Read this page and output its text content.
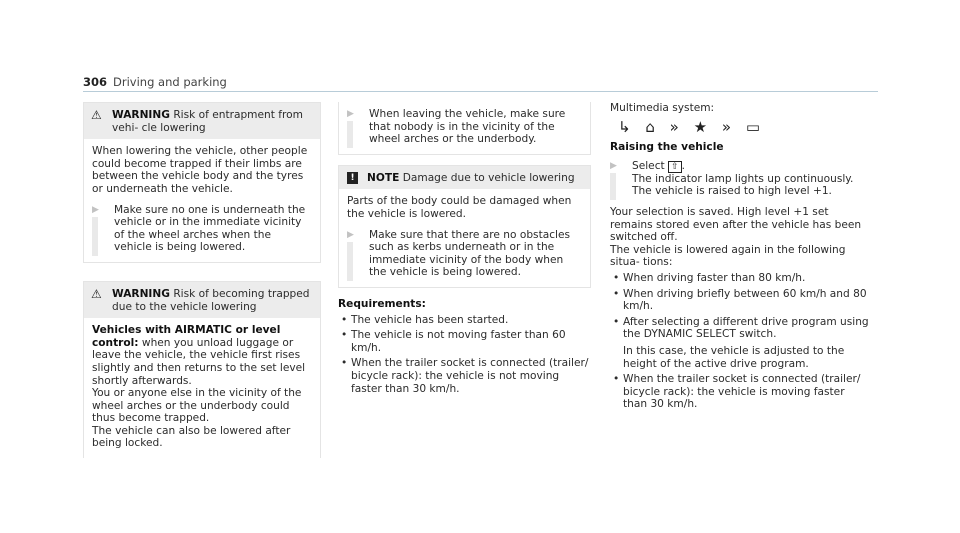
306 Driving and parking
⚠ WARNING Risk of entrapment from vehi- cle lowering

When lowering the vehicle, other people could become trapped if their limbs are between the vehicle body and the tyres or underneath the vehicle.

▶ Make sure no one is underneath the vehicle or in the immediate vicinity of the wheel arches when the vehicle is being lowered.

⚠ WARNING Risk of becoming trapped due to the vehicle lowering

Vehicles with AIRMATIC or level control: when you unload luggage or leave the vehicle, the vehicle first rises slightly and then returns to the set level shortly afterwards.

You or anyone else in the vicinity of the wheel arches or the underbody could thus become trapped.

The vehicle can also be lowered after being locked.

▶ When leaving the vehicle, make sure that nobody is in the vicinity of the wheel arches or the underbody.

!	NOTE Damage due to vehicle lowering

Parts of the body could be damaged when the vehicle is lowered.

▶ Make sure that there are no obstacles such as kerbs underneath or in the immediate vicinity of the body when the vehicle is being lowered.

Requirements:

• The vehicle has been started.
• The vehicle is not moving faster than 60 km/h.
• When the trailer socket is connected (trailer/ bicycle rack): the vehicle is not moving faster than 30 km/h.

Multimedia system:

↳ ⌂ » ★ » ▭

Raising the vehicle

▶ Select ⇧ .

The indicator lamp lights up continuously.

The vehicle is raised to high level +1.

Your selection is saved. High level +1 set remains stored even after the vehicle has been switched off.

The vehicle is lowered again in the following situa- tions:

• When driving faster than 80 km/h.
• When driving briefly between 60 km/h and 80 km/h.
• After selecting a different drive program using the DYNAMIC SELECT switch.
In this case, the vehicle is adjusted to the height of the active drive program.
• When the trailer socket is connected (trailer/ bicycle rack): the vehicle is moving faster than 30 km/h.
